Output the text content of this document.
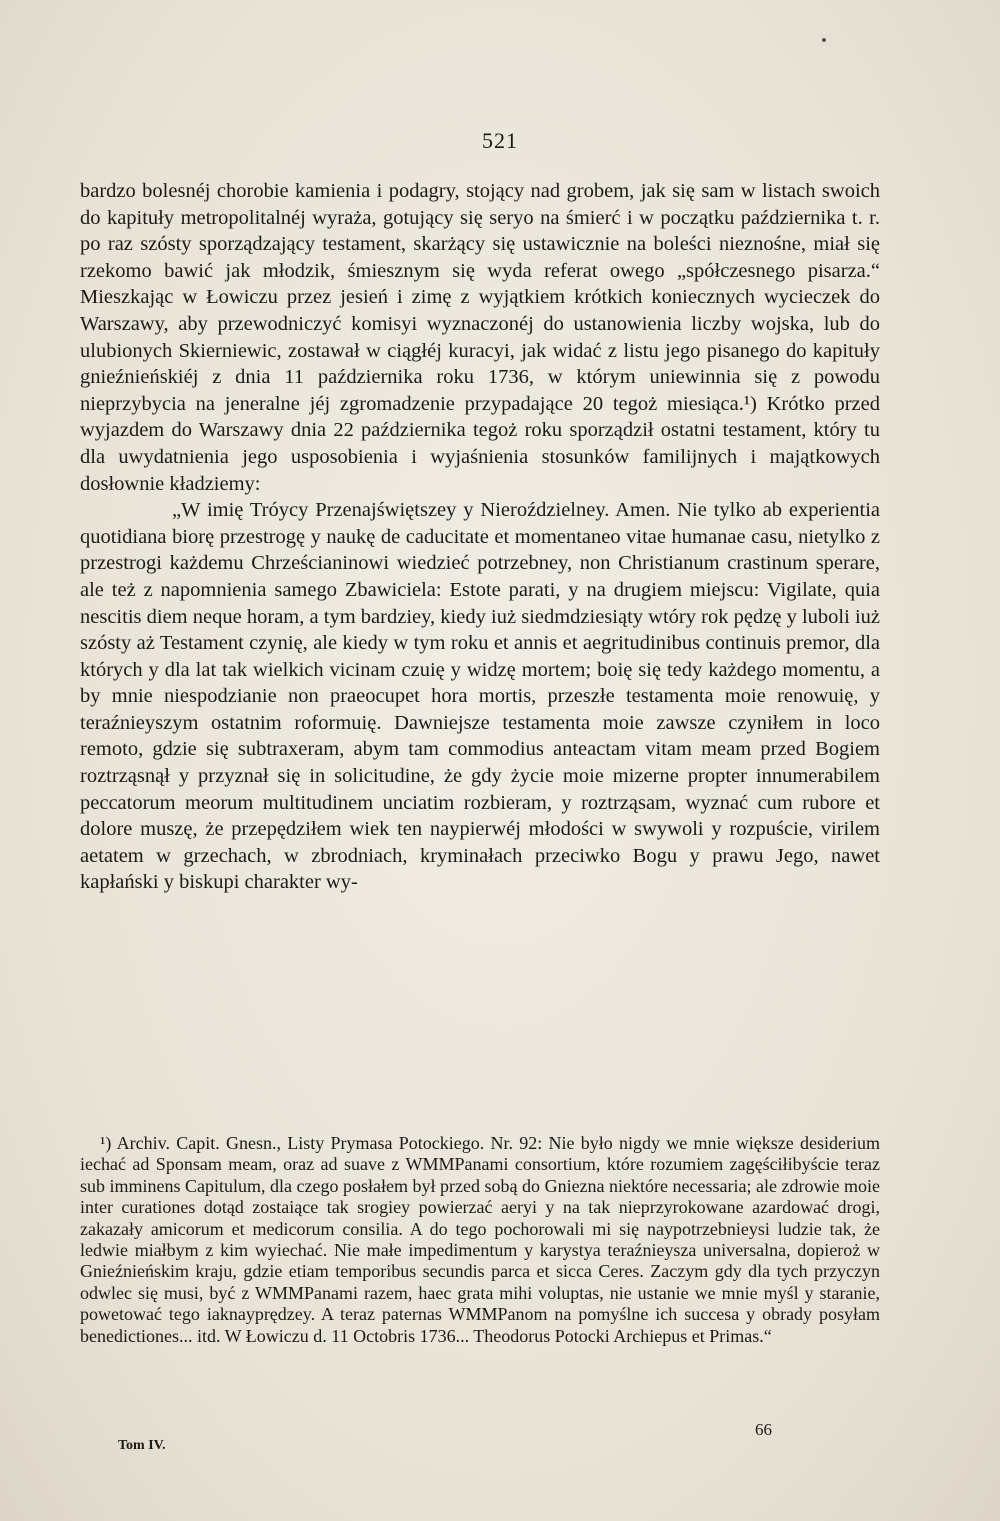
521

bardzo bolesnéj chorobie kamienia i podagry, stojący nad grobem, jak się sam w listach swoich do kapituły metropolitalnéj wyraża, gotujący się seryo na śmierć i w początku października t. r. po raz szósty sporządzający testament, skarżący się ustawicznie na boleści nieznośne, miał się rzekomo bawić jak młodzik, śmiesznym się wyda referat owego „spółczesnego pisarza.“ Mieszkając w Łowiczu przez jesień i zimę z wyjątkiem krótkich koniecznych wycieczek do Warszawy, aby przewodniczyć komisyi wyznaczonéj do ustanowienia liczby wojska, lub do ulubionych Skierniewic, zostawał w ciągłéj kuracyi, jak widać z listu jego pisanego do kapituły gnieźnieńskiéj z dnia 11 października roku 1736, w którym uniewinnia się z powodu nieprzybycia na jeneralne jéj zgromadzenie przypadające 20 tegoż miesiąca.¹) Krótko przed wyjazdem do Warszawy dnia 22 października tegoż roku sporządził ostatni testament, który tu dla uwydatnienia jego usposobienia i wyjaśnienia stosunków familijnych i majątkowych dosłownie kładziemy:

„W imię Tróycy Przenajświętszey y Nieroździelney. Amen. Nie tylko ab experientia quotidiana biorę przestrogę y naukę de caducitate et momentaneo vitae humanae casu, nietylko z przestrogi każdemu Chrześcianinowi wiedzieć potrzebney, non Christianum crastinum sperare, ale też z napomnienia samego Zbawiciela: Estote parati, y na drugiem miejscu: Vigilate, quia nescitis diem neque horam, a tym bardziey, kiedy iuż siedmdziesiąty wtóry rok pędzę y luboli iuż szósty aż Testament czynię, ale kiedy w tym roku et annis et aegritudinibus continuis premor, dla których y dla lat tak wielkich vicinam czuię y widzę mortem; boię się tedy każdego momentu, a by mnie niespodzianie non praeocupet hora mortis, przeszłe testamenta moie renowuię, y teraźnieyszym ostatnim roformuię. Dawniejsze testamenta moie zawsze czyniłem in loco remoto, gdzie się subtraxeram, abym tam commodius anteactam vitam meam przed Bogiem roztrząsnął y przyznał się in solicitudine, że gdy życie moie mizerne propter innumerabilem peccatorum meorum multitudinem unciatim rozbieram, y roztrząsam, wyznać cum rubore et dolore muszę, że przepędziłem wiek ten naypierwéj młodości w swywoli y rozpuście, virilem aetatem w grzechach, w zbrodniach, kryminałach przeciwko Bogu y prawu Jego, nawet kapłański y biskupi charakter wy-

¹) Archiv. Capit. Gnesn., Listy Prymasa Potockiego. Nr. 92: Nie było nigdy we mnie większe desiderium iechać ad Sponsam meam, oraz ad suave z WMMPanami consortium, które rozumiem zagęściłibyście teraz sub imminens Capitulum, dla czego posłałem był przed sobą do Gniezna niektóre necessaria; ale zdrowie moie inter curationes dotąd zostaiące tak srogiey powierzać aeryi y na tak nieprzyrokowane azardować drogi, zakazały amicorum et medicorum consilia. A do tego pochorowali mi się naypotrzebnieysi ludzie tak, że ledwie miałbym z kim wyiechać. Nie małe impedimentum y karystya teraźnieysza universalna, dopieroż w Gnieźnieńskim kraju, gdzie etiam temporibus secundis parca et sicca Ceres. Zaczym gdy dla tych przyczyn odwlec się musi, być z WMMPanami razem, haec grata mihi voluptas, nie ustanie we mnie myśl y staranie, powetować tego iaknayprędzey. A teraz paternas WMMPanom na pomyślne ich succesa y obrady posyłam benedictiones... itd. W Łowiczu d. 11 Octobris 1736... Theodorus Potocki Archiepus et Primas.“

66
Tom IV.
